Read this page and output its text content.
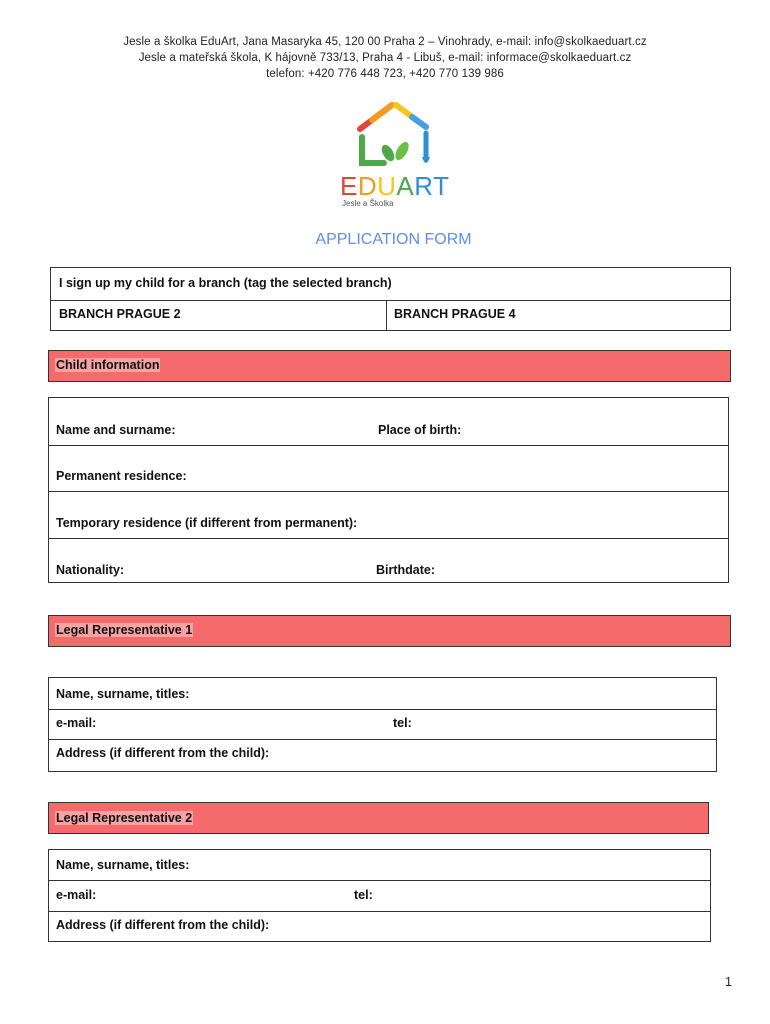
Jesle a školka EduArt, Jana Masaryka 45, 120 00 Praha 2 – Vinohrady, e-mail: info@skolkaeduart.cz
Jesle a mateřská škola, K hájovně 733/13, Praha 4 - Libuš, e-mail: informace@skolkaeduart.cz
telefon: +420 776 448 723, +420 770 139 986
EDUART
Jesle a Školka
APPLICATION FORM
I sign up my child for a branch (tag the selected branch)
BRANCH PRAGUE 2	BRANCH PRAGUE 4
Child information
Name and surname:	Place of birth:
Permanent residence:
Temporary residence (if different from permanent):
Nationality:	Birthdate:
Legal Representative 1
Name, surname, titles:
e-mail:	tel:
Address (if different from the child):
Legal Representative 2
Name, surname, titles:
e-mail:	tel:
Address (if different from the child):
1
